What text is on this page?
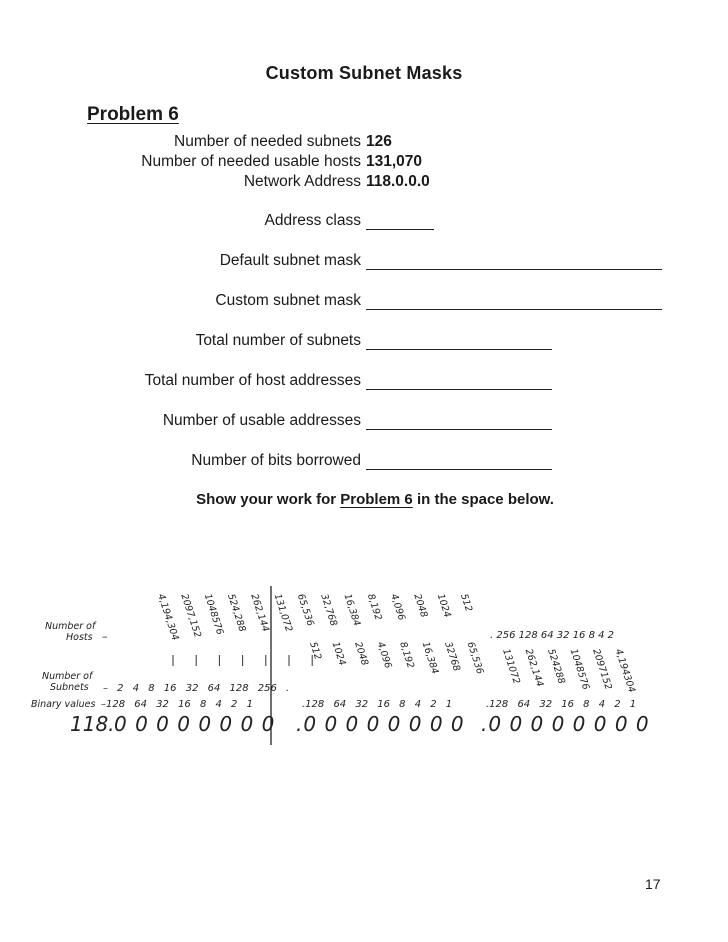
Custom Subnet Masks
Problem 6
Number of needed subnets 126
Number of needed usable hosts 131,070
Network Address 118.0.0.0
Address class
Default subnet mask
Custom subnet mask
Total number of subnets
Total number of host addresses
Number of usable addresses
Number of bits borrowed
Show your work for Problem 6 in the space below.
Number of
Hosts –
Number of
Subnets
Binary values
4,194,304
2097,152
1048576 524,288 262,144 131,072 65,536 32,768 16,384 8,192 4,096 2048 1024 512
. 256 128 64 32 16 8 4 2
– 2 4 8 16 32 64 128 256 .
512 1024 2048 4,096 8,192 16,384 32768 65,536 131072 262,144 524288 1048576
2097152
4,194304
–128 64 32 16 8 4 2 1	.128 64 32 16 8 4 2 1	.128 64 32 16 8 4 2 1
118. 0 0 0 0 0 0 0 0 .0 0 0 0 0 0 0 0 .0 0 0 0 0 0 0 0
17
